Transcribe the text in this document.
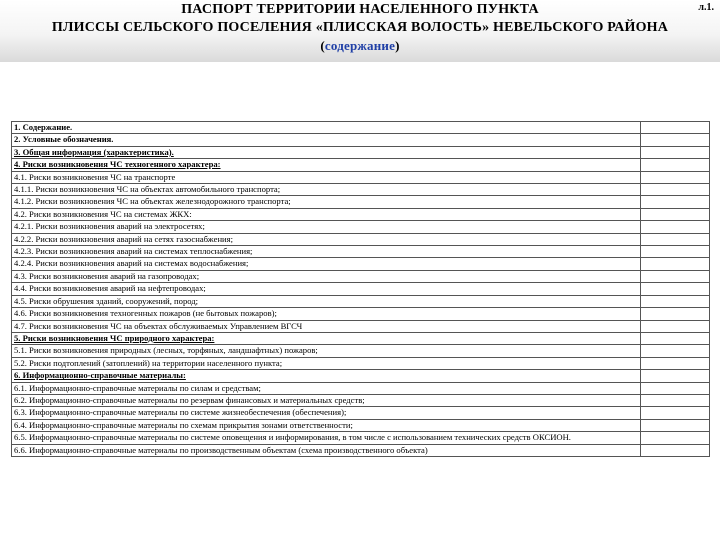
ПАСПОРТ ТЕРРИТОРИИ НАСЕЛЕННОГО ПУНКТА
ПЛИССЫ СЕЛЬСКОГО ПОСЕЛЕНИЯ «ПЛИССКАЯ ВОЛОСТЬ» НЕВЕЛЬСКОГО РАЙОНА
(содержание)
л.1.
1. Содержание.	
2. Условные обозначения.	
3. Общая информация (характеристика).	
4. Риски возникновения ЧС техногенного характера:	
4.1. Риски возникновения ЧС на транспорте	
4.1.1. Риски возникновения ЧС на объектах автомобильного транспорта;	
4.1.2. Риски возникновения ЧС на объектах железнодорожного транспорта;	
4.2. Риски возникновения ЧС на системах ЖКХ:	
4.2.1. Риски возникновения аварий на электросетях;	
4.2.2. Риски возникновения аварий на сетях газоснабжения;	
4.2.3. Риски возникновения аварий на системах теплоснабжения;	
4.2.4. Риски возникновения аварий на системах водоснабжения;	
4.3. Риски возникновения аварий на газопроводах;	
4.4. Риски возникновения аварий на нефтепроводах;	
4.5. Риски обрушения зданий, сооружений, пород;	
4.6. Риски возникновения техногенных пожаров (не бытовых пожаров);	
4.7. Риски возникновения ЧС на объектах обслуживаемых Управлением ВГСЧ	
5. Риски возникновения ЧС природного характера:	
5.1. Риски возникновения природных (лесных, торфяных, ландшафтных) пожаров;	
5.2. Риски подтоплений (затоплений) на территории населенного пункта;	
6. Информационно-справочные материалы:	
6.1. Информационно-справочные материалы по силам и средствам;	
6.2. Информационно-справочные материалы по резервам финансовых и материальных средств;	
6.3. Информационно-справочные материалы по системе жизнеобеспечения (обеспечения);	
6.4. Информационно-справочные материалы по схемам прикрытия зонами ответственности;	
6.5. Информационно-справочные материалы по системе оповещения и информирования, в том числе с использованием технических средств ОКСИОН.	
6.6. Информационно-справочные материалы по производственным объектам (схема производственного объекта)	
